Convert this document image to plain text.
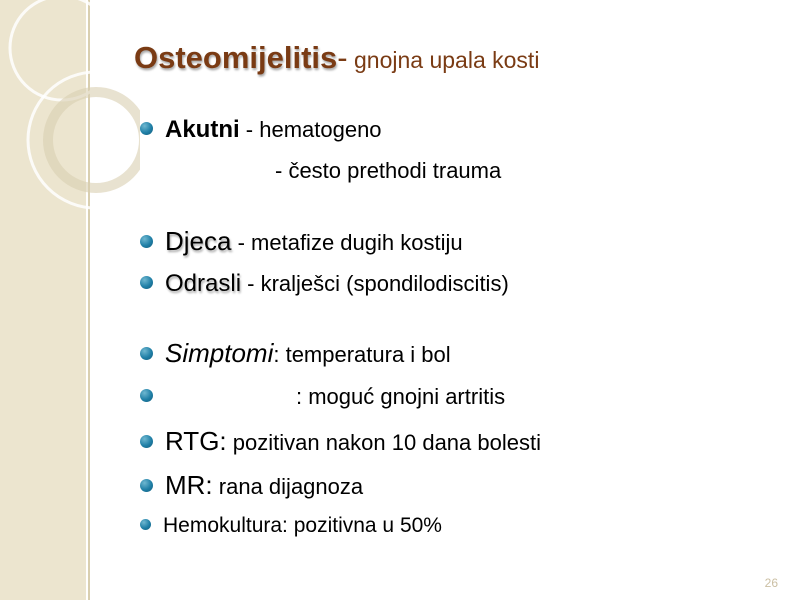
Osteomijelitis- gnojna upala kosti
Akutni - hematogeno
- često prethodi trauma
Djeca - metafize dugih kostiju
Odrasli - kralješci (spondilodiscitis)
Simptomi: temperatura i bol
: moguć gnojni artritis
RTG: pozitivan nakon 10 dana bolesti
MR: rana dijagnoza
Hemokultura: pozitivna u 50%
26
